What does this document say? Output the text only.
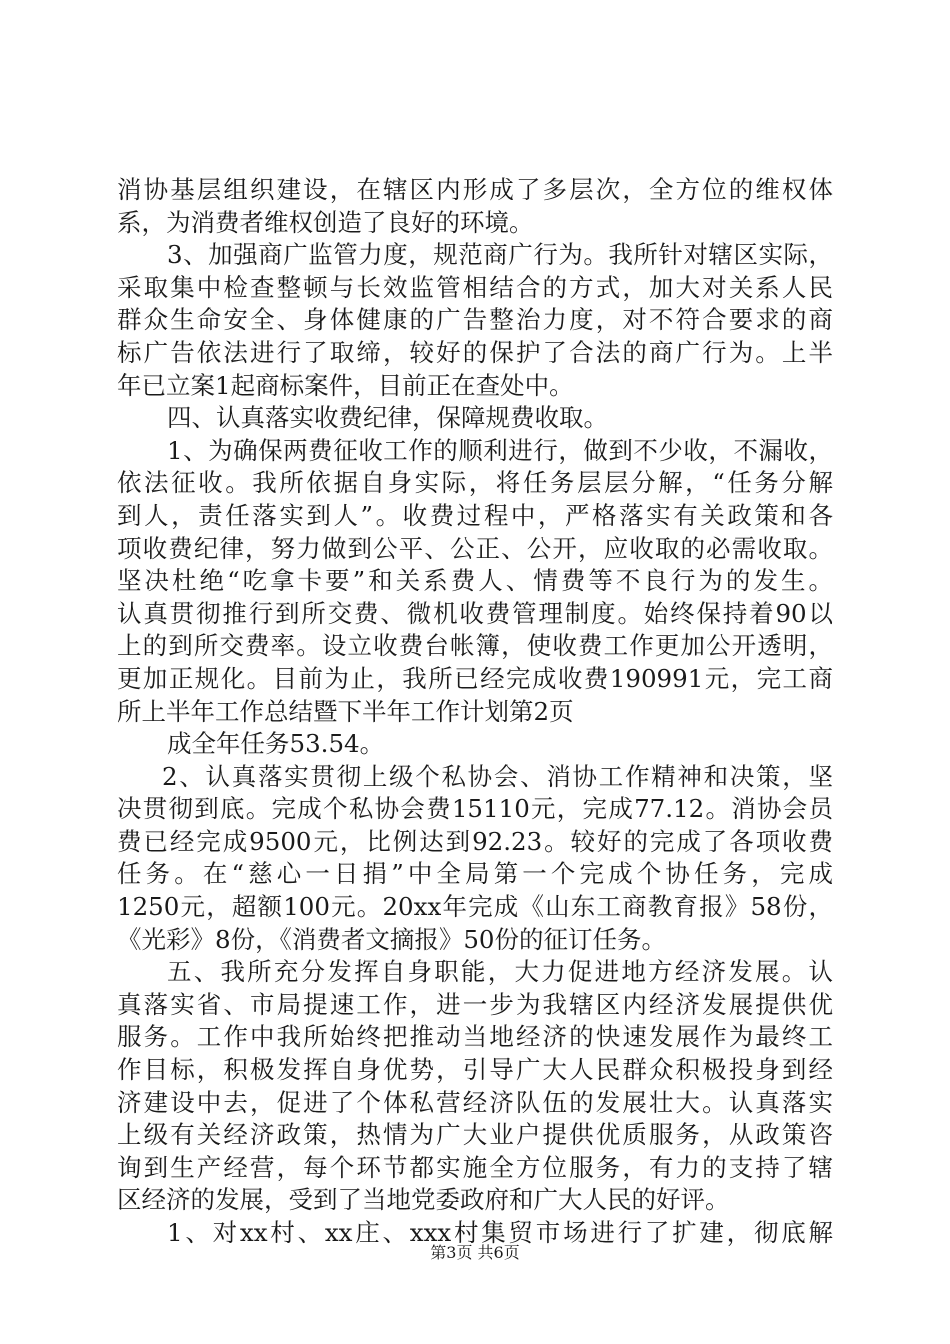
消协基层组织建设，在辖区内形成了多层次，全方位的维权体
系，为消费者维权创造了良好的环境。
3、加强商广监管力度，规范商广行为。我所针对辖区实际，
采取集中检查整顿与长效监管相结合的方式，加大对关系人民
群众生命安全、身体健康的广告整治力度，对不符合要求的商
标广告依法进行了取缔，较好的保护了合法的商广行为。上半
年已立案1起商标案件，目前正在查处中。
四、认真落实收费纪律，保障规费收取。
1、为确保两费征收工作的顺利进行，做到不少收，不漏收，
依法征收。我所依据自身实际，将任务层层分解，“任务分解
到人，责任落实到人”。收费过程中，严格落实有关政策和各
项收费纪律，努力做到公平、公正、公开，应收取的必需收取。
坚决杜绝“吃拿卡要”和关系费人、情费等不良行为的发生。
认真贯彻推行到所交费、微机收费管理制度。始终保持着90以
上的到所交费率。设立收费台帐簿，使收费工作更加公开透明，
更加正规化。目前为止，我所已经完成收费190991元，完工商
所上半年工作总结暨下半年工作计划第2页
成全年任务53.54。
2、认真落实贯彻上级个私协会、消协工作精神和决策，坚
决贯彻到底。完成个私协会费15110元，完成77.12。消协会员
费已经完成9500元，比例达到92.23。较好的完成了各项收费
任务。在“慈心一日捐”中全局第一个完成个协任务，完成
1250元，超额100元。20xx年完成《山东工商教育报》58份，
《光彩》8份，《消费者文摘报》50份的征订任务。
五、我所充分发挥自身职能，大力促进地方经济发展。认
真落实省、市局提速工作，进一步为我辖区内经济发展提供优
服务。工作中我所始终把推动当地经济的快速发展作为最终工
作目标，积极发挥自身优势，引导广大人民群众积极投身到经
济建设中去，促进了个体私营经济队伍的发展壮大。认真落实
上级有关经济政策，热情为广大业户提供优质服务，从政策咨
询到生产经营，每个环节都实施全方位服务，有力的支持了辖
区经济的发展，受到了当地党委政府和广大人民的好评。
1、对xx村、xx庄、xxx村集贸市场进行了扩建，彻底解
第3页 共6页
